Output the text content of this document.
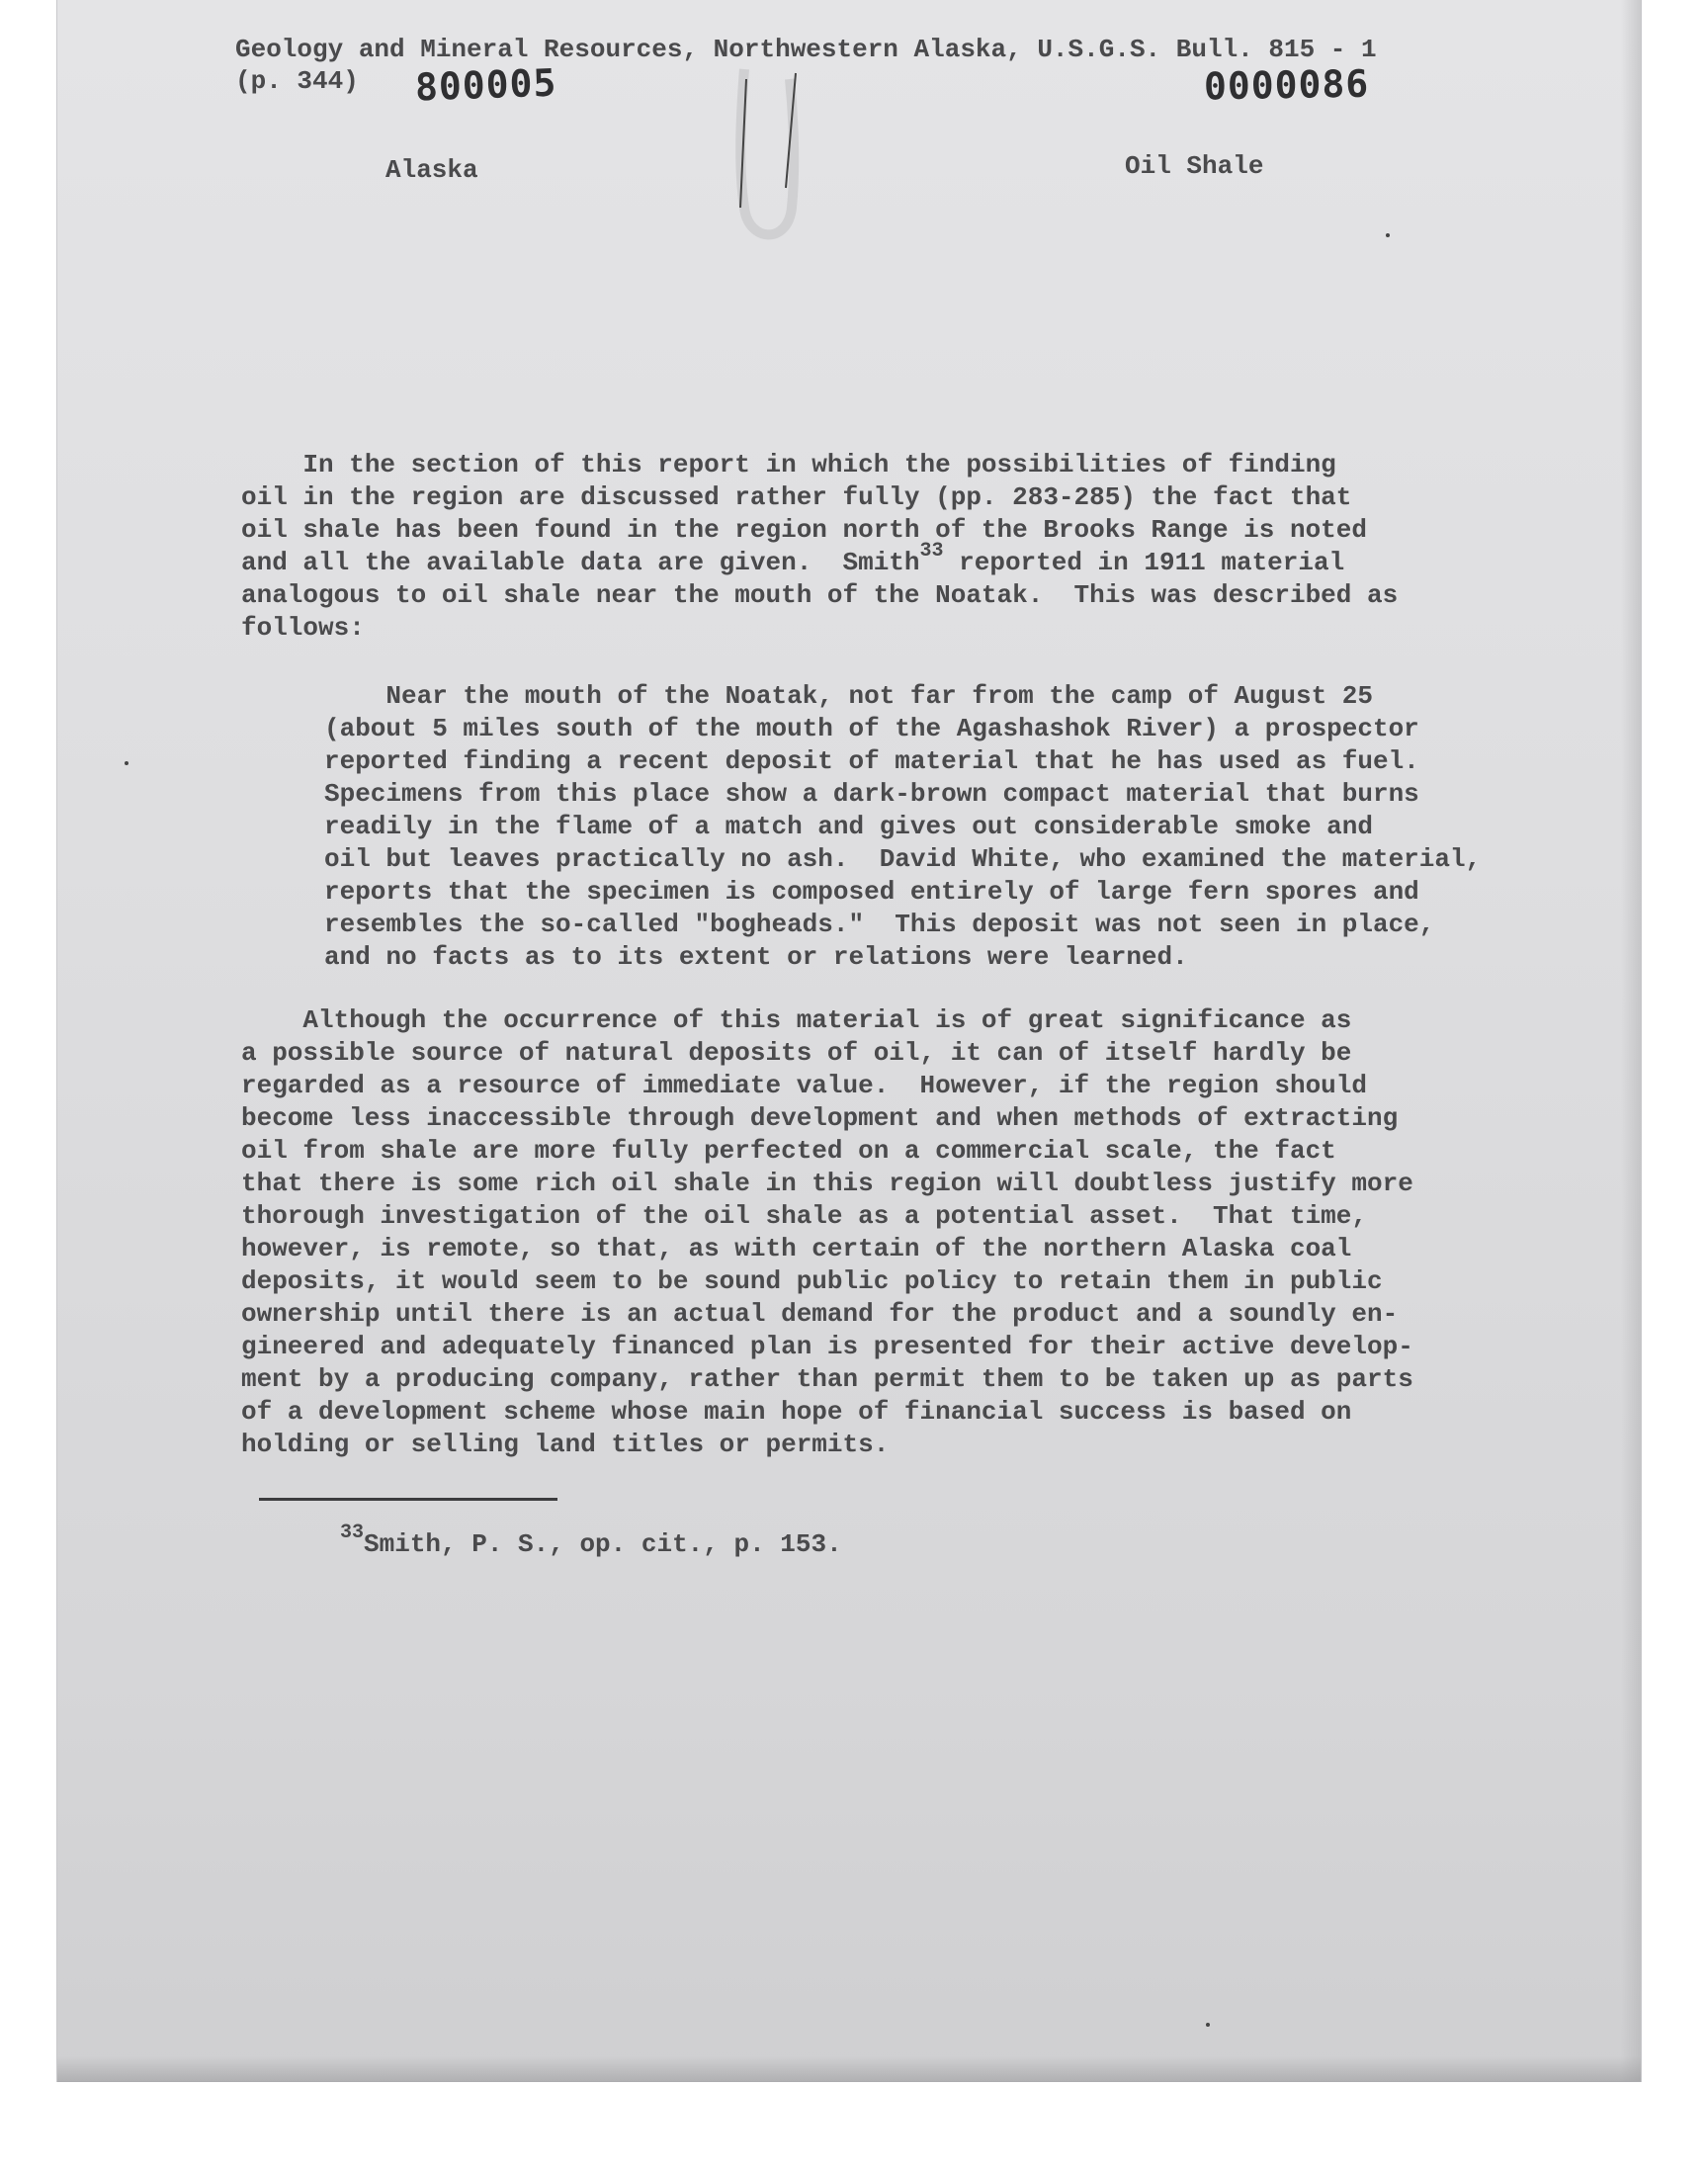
Geology and Mineral Resources, Northwestern Alaska, U.S.G.S. Bull. 815 - 1

(p. 344) 800005	0000086

Alaska	Oil Shale

In the section of this report in which the possibilities of finding

oil in the region are discussed rather fully (pp. 283-285) the fact that

oil shale has been found in the region north of the Brooks Range is noted

and all the available data are given.  Smith$^{33}$ reported in 1911 material

analogous to oil shale near the mouth of the Noatak.  This was described as

follows:

Near the mouth of the Noatak, not far from the camp of August 25

(about 5 miles south of the mouth of the Agashashok River) a prospector

reported finding a recent deposit of material that he has used as fuel.

Specimens from this place show a dark-brown compact material that burns

readily in the flame of a match and gives out considerable smoke and

oil but leaves practically no ash.  David White, who examined the material,

reports that the specimen is composed entirely of large fern spores and

resembles the so-called "bogheads."  This deposit was not seen in place,

and no facts as to its extent or relations were learned.

Although the occurrence of this material is of great significance as

a possible source of natural deposits of oil, it can of itself hardly be

regarded as a resource of immediate value.  However, if the region should

become less inaccessible through development and when methods of extracting

oil from shale are more fully perfected on a commercial scale, the fact

that there is some rich oil shale in this region will doubtless justify more

thorough investigation of the oil shale as a potential asset.  That time,

however, is remote, so that, as with certain of the northern Alaska coal

deposits, it would seem to be sound public policy to retain them in public

ownership until there is an actual demand for the product and a soundly en-

gineered and adequately financed plan is presented for their active develop-

ment by a producing company, rather than permit them to be taken up as parts

of a development scheme whose main hope of financial success is based on

holding or selling land titles or permits.

$^{33}$Smith, P. S., op. cit., p. 153.
